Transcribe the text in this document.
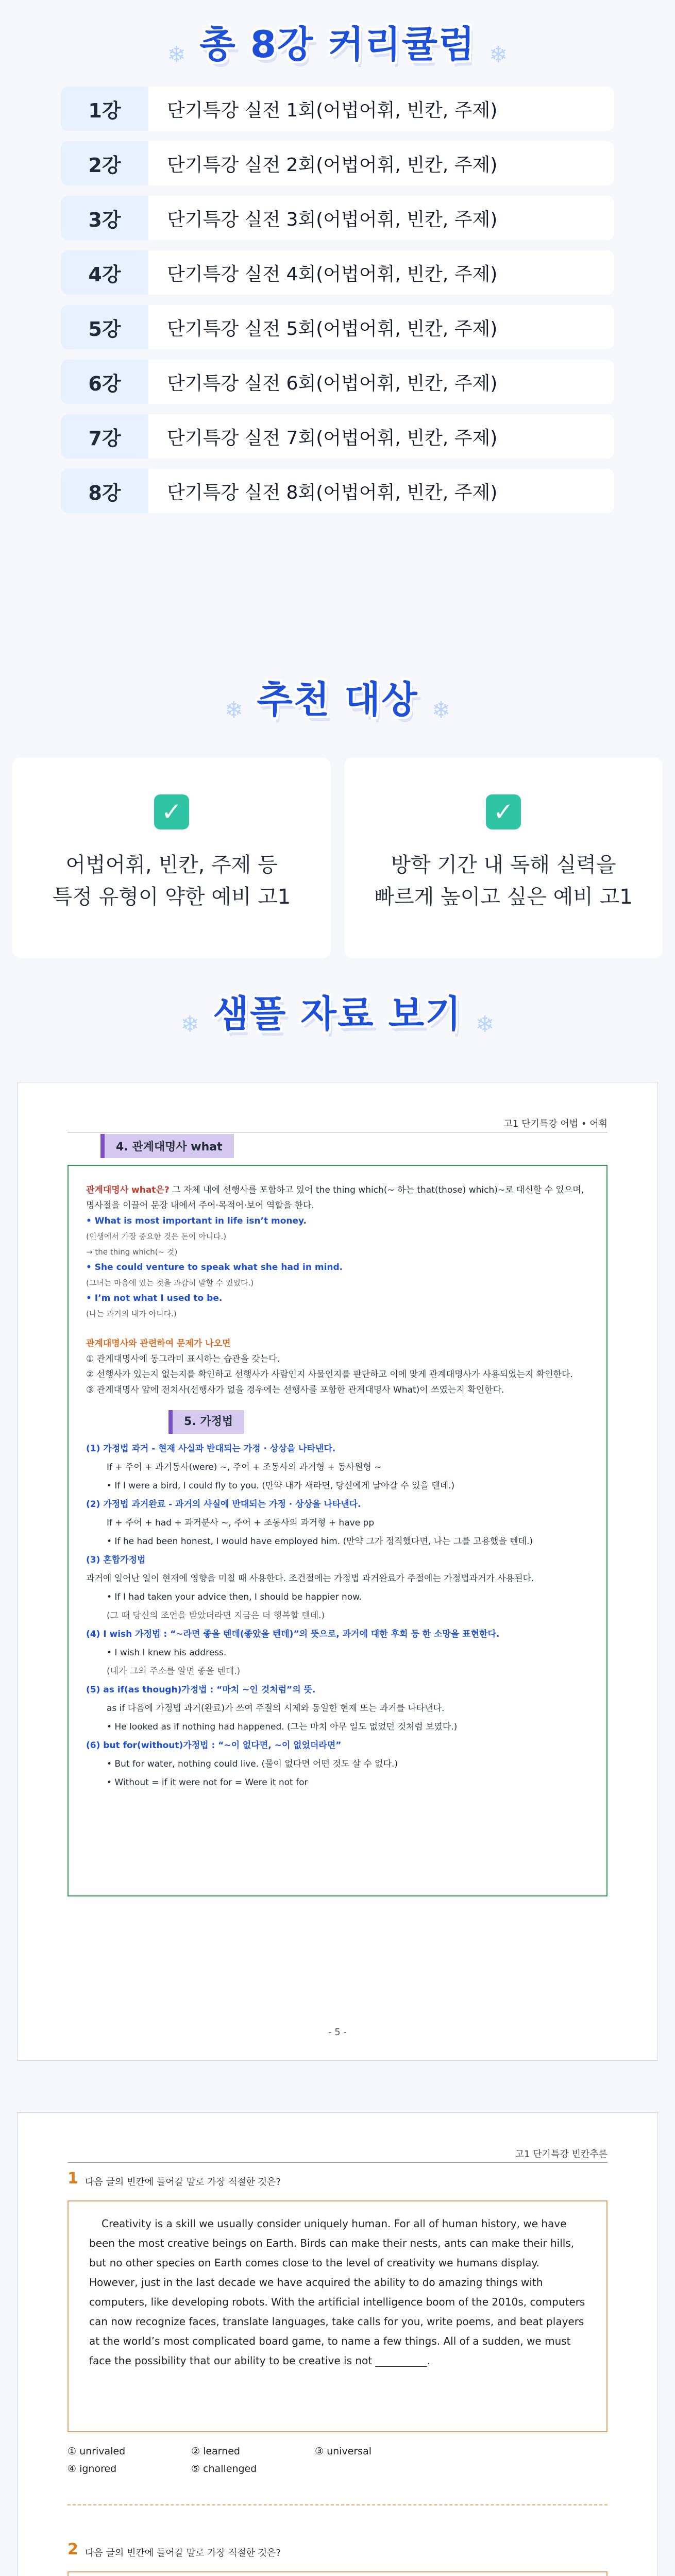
❄ 총 8강 커리큘럼 ❄
1강	단기특강 실전 1회(어법어휘, 빈칸, 주제)
2강	단기특강 실전 2회(어법어휘, 빈칸, 주제)
3강	단기특강 실전 3회(어법어휘, 빈칸, 주제)
4강	단기특강 실전 4회(어법어휘, 빈칸, 주제)
5강	단기특강 실전 5회(어법어휘, 빈칸, 주제)
6강	단기특강 실전 6회(어법어휘, 빈칸, 주제)
7강	단기특강 실전 7회(어법어휘, 빈칸, 주제)
8강	단기특강 실전 8회(어법어휘, 빈칸, 주제)
❄ 추천 대상 ❄
✓
어법어휘, 빈칸, 주제 등
특정 유형이 약한 예비 고1
✓
방학 기간 내 독해 실력을
빠르게 높이고 싶은 예비 고1
❄ 샘플 자료 보기 ❄
고1 단기특강 어법 • 어휘
4. 관계대명사 what
관계대명사 what은? 그 자체 내에 선행사를 포함하고 있어 the thing which(~ 하는 that(those) which)~로 대신할 수 있으며, 명사절을 이끌어 문장 내에서 주어·목적어·보어 역할을 한다.
• What is most important in life isn’t money.
(인생에서 가장 중요한 것은 돈이 아니다.)
→ the thing which(~ 것)
• She could venture to speak what she had in mind.
(그녀는 마음에 있는 것을 과감히 말할 수 있었다.)
• I’m not what I used to be.
(나는 과거의 내가 아니다.)
관계대명사와 관련하여 문제가 나오면
① 관계대명사에 동그라미 표시하는 습관을 갖는다.
② 선행사가 있는지 없는지를 확인하고 선행사가 사람인지 사물인지를 판단하고 이에 맞게 관계대명사가 사용되었는지 확인한다.
③ 관계대명사 앞에 전치사(선행사가 없을 경우에는 선행사를 포함한 관계대명사 What)이 쓰였는지 확인한다.
5. 가정법
(1) 가정법 과거 - 현재 사실과 반대되는 가정 · 상상을 나타낸다.
If + 주어 + 과거동사(were) ~, 주어 + 조동사의 과거형 + 동사원형 ~
• If I were a bird, I could fly to you. (만약 내가 새라면, 당신에게 날아갈 수 있을 텐데.)
(2) 가정법 과거완료 - 과거의 사실에 반대되는 가정 · 상상을 나타낸다.
If + 주어 + had + 과거분사 ~, 주어 + 조동사의 과거형 + have pp
• If he had been honest, I would have employed him. (만약 그가 정직했다면, 나는 그를 고용했을 텐데.)
(3) 혼합가정법
과거에 일어난 일이 현재에 영향을 미칠 때 사용한다. 조건절에는 가정법 과거완료가 주절에는 가정법과거가 사용된다.
• If I had taken your advice then, I should be happier now.
(그 때 당신의 조언을 받았더라면 지금은 더 행복할 텐데.)
(4) I wish 가정법 : “~라면 좋을 텐데(좋았을 텐데)”의 뜻으로, 과거에 대한 후회 등 한 소망을 표현한다.
• I wish I knew his address.
(내가 그의 주소를 알면 좋을 텐데.)
(5) as if(as though)가정법 : “마치 ~인 것처럼”의 뜻.
as if 다음에 가정법 과거(완료)가 쓰여 주절의 시제와 동일한 현재 또는 과거를 나타낸다.
• He looked as if nothing had happened. (그는 마치 아무 일도 없었던 것처럼 보였다.)
(6) but for(without)가정법 : “~이 없다면, ~이 없었더라면”
• But for water, nothing could live. (물이 없다면 어떤 것도 살 수 없다.)
• Without = if it were not for = Were it not for
- 5 -
고1 단기특강 빈칸추론
1 다음 글의 빈칸에 들어갈 말로 가장 적절한 것은?
Creativity is a skill we usually consider uniquely human. For all of human history, we have been the most creative beings on Earth. Birds can make their nests, ants can make their hills, but no other species on Earth comes close to the level of creativity we humans display. However, just in the last decade we have acquired the ability to do amazing things with computers, like developing robots. With the artificial intelligence boom of the 2010s, computers can now recognize faces, translate languages, take calls for you, write poems, and beat players at the world’s most complicated board game, to name a few things. All of a sudden, we must face the possibility that our ability to be creative is not __________.
① unrivaled	② learned	③ universal
④ ignored	⑤ challenged
2 다음 글의 빈칸에 들어갈 말로 가장 적절한 것은?
